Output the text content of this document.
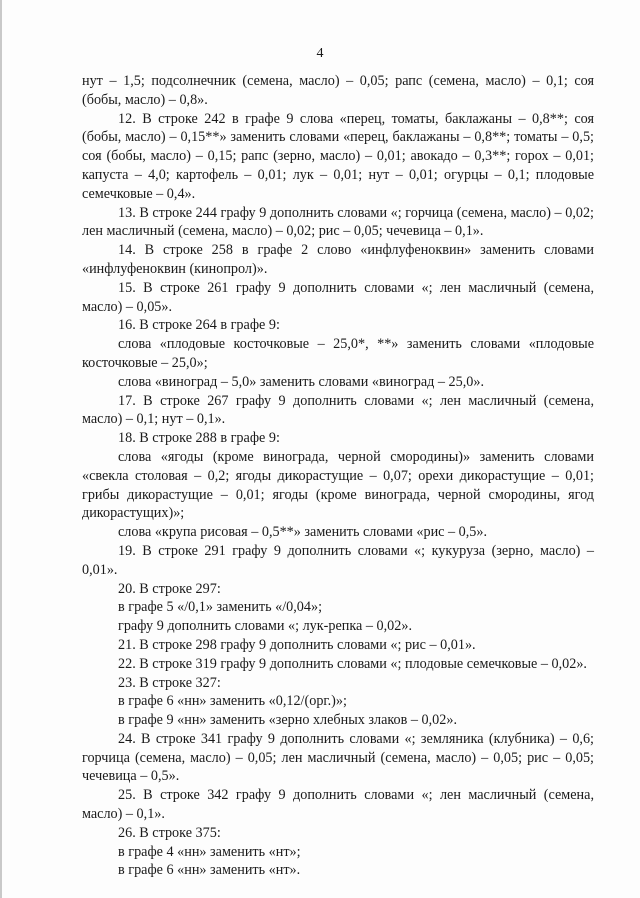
4

нут – 1,5; подсолнечник (семена, масло) – 0,05; рапс (семена, масло) – 0,1; соя (бобы, масло) – 0,8».

12. В строке 242 в графе 9 слова «перец, томаты, баклажаны – 0,8**; соя (бобы, масло) – 0,15**» заменить словами «перец, баклажаны – 0,8**; томаты – 0,5; соя (бобы, масло) – 0,15; рапс (зерно, масло) – 0,01; авокадо – 0,3**; горох – 0,01; капуста – 4,0; картофель – 0,01; лук – 0,01; нут – 0,01; огурцы – 0,1; плодовые семечковые – 0,4».

13. В строке 244 графу 9 дополнить словами «; горчица (семена, масло) – 0,02; лен масличный (семена, масло) – 0,02; рис – 0,05; чечевица – 0,1».

14. В строке 258 в графе 2 слово «инфлуфеноквин» заменить словами «инфлуфеноквин (кинопрол)».

15. В строке 261 графу 9 дополнить словами «; лен масличный (семена, масло) – 0,05».

16. В строке 264 в графе 9:

слова «плодовые косточковые – 25,0*, **» заменить словами «плодовые косточковые – 25,0»;

слова «виноград – 5,0» заменить словами «виноград – 25,0».

17. В строке 267 графу 9 дополнить словами «; лен масличный (семена, масло) – 0,1; нут – 0,1».

18. В строке 288 в графе 9:

слова «ягоды (кроме винограда, черной смородины)» заменить словами «свекла столовая – 0,2; ягоды дикорастущие – 0,07; орехи дикорастущие – 0,01; грибы дикорастущие – 0,01; ягоды (кроме винограда, черной смородины, ягод дикорастущих)»;

слова «крупа рисовая – 0,5**» заменить словами «рис – 0,5».

19. В строке 291 графу 9 дополнить словами «; кукуруза (зерно, масло) – 0,01».

20. В строке 297:

в графе 5 «/0,1» заменить «/0,04»;

графу 9 дополнить словами «; лук-репка – 0,02».

21. В строке 298 графу 9 дополнить словами «; рис – 0,01».

22. В строке 319 графу 9 дополнить словами «; плодовые семечковые – 0,02».

23. В строке 327:

в графе 6 «нн» заменить «0,12/(орг.)»;

в графе 9 «нн» заменить «зерно хлебных злаков – 0,02».

24. В строке 341 графу 9 дополнить словами «; земляника (клубника) – 0,6; горчица (семена, масло) – 0,05; лен масличный (семена, масло) – 0,05; рис – 0,05; чечевица – 0,5».

25. В строке 342 графу 9 дополнить словами «; лен масличный (семена, масло) – 0,1».

26. В строке 375:

в графе 4 «нн» заменить «нт»;

в графе 6 «нн» заменить «нт».
